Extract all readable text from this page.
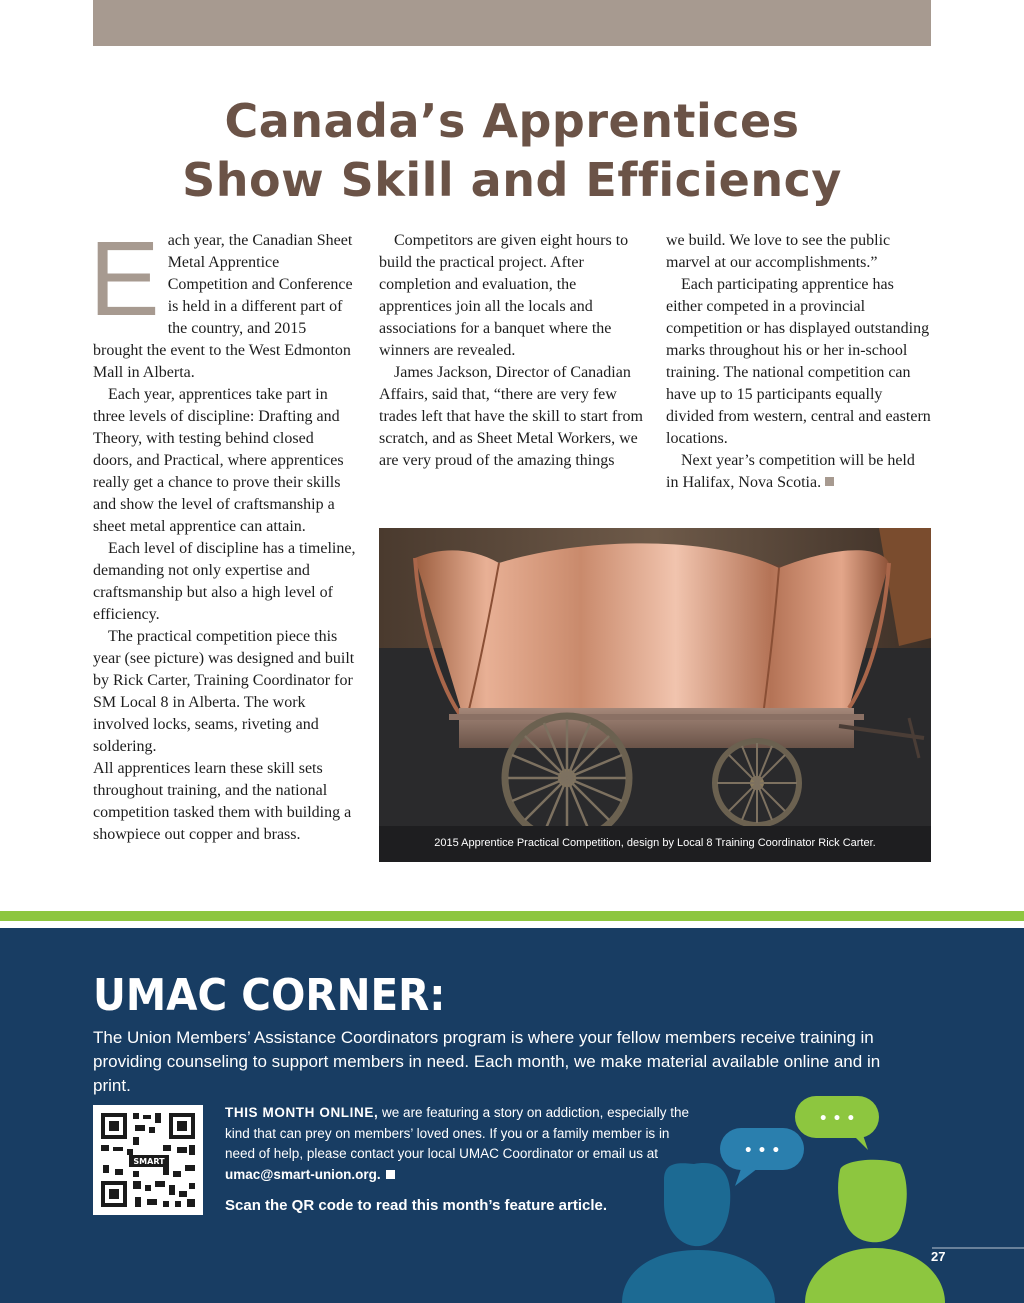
Canada’s Apprentices
Show Skill and Efficiency

Each year, the Canadian Sheet Metal Apprentice Competition and Conference is held in a different part of the country, and 2015 brought the event to the West Edmonton Mall in Alberta.

Each year, apprentices take part in three levels of discipline: Drafting and Theory, with testing behind closed doors, and Practical, where apprentices really get a chance to prove their skills and show the level of craftsmanship a sheet metal apprentice can attain.

Each level of discipline has a timeline, demanding not only expertise and craftsmanship but also a high level of efficiency.

The practical competition piece this year (see picture) was designed and built by Rick Carter, Training Coordinator for SM Local 8 in Alberta. The work involved locks, seams, riveting and soldering.

All apprentices learn these skill sets throughout training, and the national competition tasked them with building a showpiece out copper and brass.

Competitors are given eight hours to build the practical project. After completion and evaluation, the apprentices join all the locals and associations for a banquet where the winners are revealed.

James Jackson, Director of Canadian Affairs, said that, “there are very few trades left that have the skill to start from scratch, and as Sheet Metal Workers, we are very proud of the amazing things

we build. We love to see the public marvel at our accomplishments.”

Each participating apprentice has either competed in a provincial competition or has displayed outstanding marks throughout his or her in-school training. The national competition can have up to 15 participants equally divided from western, central and eastern locations.

Next year’s competition will be held in Halifax, Nova Scotia.

2015 Apprentice Practical Competition, design by Local 8 Training Coordinator Rick Carter.
• • •
• • •
UMAC CORNER:

The Union Members’ Assistance Coordinators program is where your fellow members receive training in providing counseling to support members in need. Each month, we make material available online and in print.

SMART

THIS MONTH ONLINE, we are featuring a story on addiction, especially the kind that can prey on members’ loved ones. If you or a family member is in need of help, please contact your local UMAC Coordinator or email us at umac@smart-union.org.

Scan the QR code to read this month’s feature article.

27
